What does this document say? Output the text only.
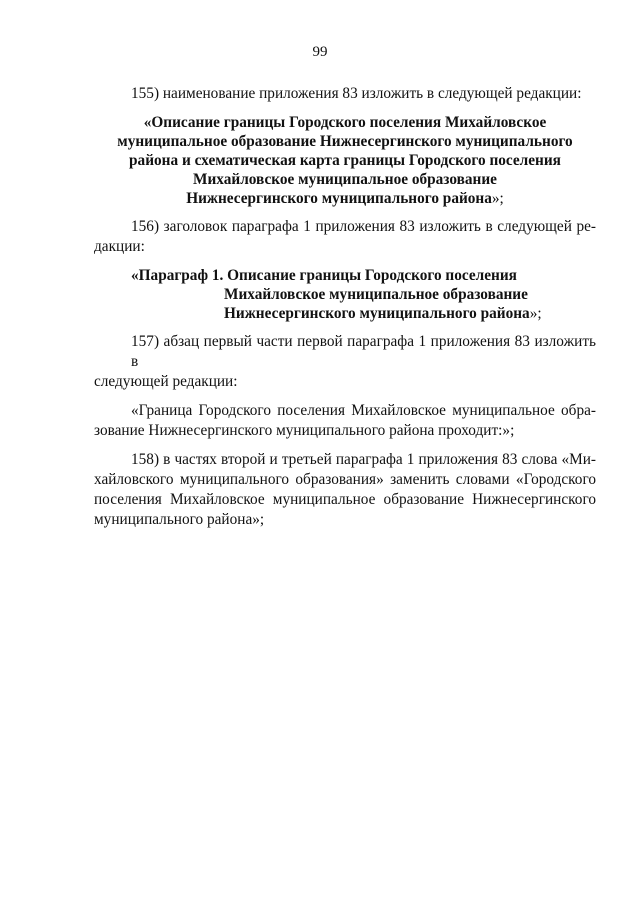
99

155) наименование приложения 83 изложить в следующей редакции:

«Описание границы Городского поселения Михайловское
муниципальное образование Нижнесергинского муниципального
района и схематическая карта границы Городского поселения
Михайловское муниципальное образование
Нижнесергинского муниципального района»;

156) заголовок параграфа 1 приложения 83 изложить в следующей ре-
дакции:

«Параграф 1. Описание границы Городского поселения
Михайловское муниципальное образование
Нижнесергинского муниципального района»;

157) абзац первый части первой параграфа 1 приложения 83 изложить в
следующей редакции:

«Граница Городского поселения Михайловское муниципальное обра-
зование Нижнесергинского муниципального района проходит:»;

158) в частях второй и третьей параграфа 1 приложения 83 слова «Ми-
хайловского муниципального образования» заменить словами «Городского
поселения Михайловское муниципальное образование Нижнесергинского
муниципального района»;
